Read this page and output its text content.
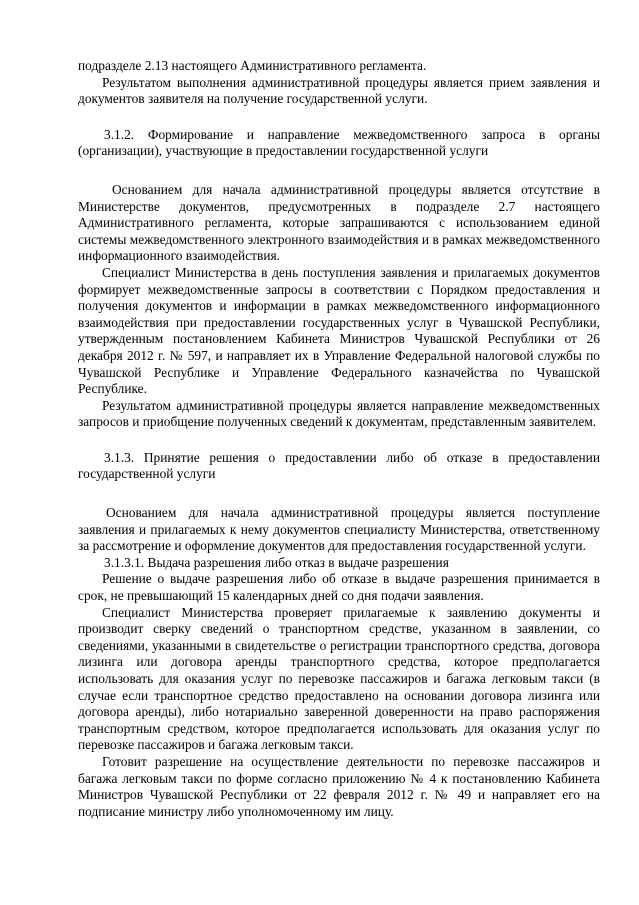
подразделе 2.13 настоящего Административного регламента.

Результатом выполнения административной процедуры является прием заявления и документов заявителя на получение государственной услуги.

3.1.2. Формирование и направление межведомственного запроса в органы (организации), участвующие в предоставлении государственной услуги

Основанием для начала административной процедуры является отсутствие в Министерстве документов, предусмотренных в подразделе 2.7 настоящего Административного регламента, которые запрашиваются с использованием единой системы межведомственного электронного взаимодействия и в рамках межведомственного информационного взаимодействия.

Специалист Министерства в день поступления заявления и прилагаемых документов формирует межведомственные запросы в соответствии с Порядком предоставления и получения документов и информации в рамках межведомственного информационного взаимодействия при предоставлении государственных услуг в Чувашской Республики, утвержденным постановлением Кабинета Министров Чувашской Республики от 26 декабря 2012 г. № 597, и направляет их в Управление Федеральной налоговой службы по Чувашской Республике и Управление Федерального казначейства по Чувашской Республике.

Результатом административной процедуры является направление межведомственных запросов и приобщение полученных сведений к документам, представленным заявителем.

3.1.3. Принятие решения о предоставлении либо об отказе в предоставлении государственной услуги

Основанием для начала административной процедуры является поступление заявления и прилагаемых к нему документов специалисту Министерства, ответственному за рассмотрение и оформление документов для предоставления государственной услуги.

3.1.3.1. Выдача разрешения либо отказ в выдаче разрешения

Решение о выдаче разрешения либо об отказе в выдаче разрешения принимается в срок, не превышающий 15 календарных дней со дня подачи заявления.

Специалист Министерства проверяет прилагаемые к заявлению документы и производит сверку сведений о транспортном средстве, указанном в заявлении, со сведениями, указанными в свидетельстве о регистрации транспортного средства, договора лизинга или договора аренды транспортного средства, которое предполагается использовать для оказания услуг по перевозке пассажиров и багажа легковым такси (в случае если транспортное средство предоставлено на основании договора лизинга или договора аренды), либо нотариально заверенной доверенности на право распоряжения транспортным средством, которое предполагается использовать для оказания услуг по перевозке пассажиров и багажа легковым такси.

Готовит разрешение на осуществление деятельности по перевозке пассажиров и багажа легковым такси по форме согласно приложению № 4 к постановлению Кабинета Министров Чувашской Республики от 22 февраля 2012 г. № 49 и направляет его на подписание министру либо уполномоченному им лицу.
